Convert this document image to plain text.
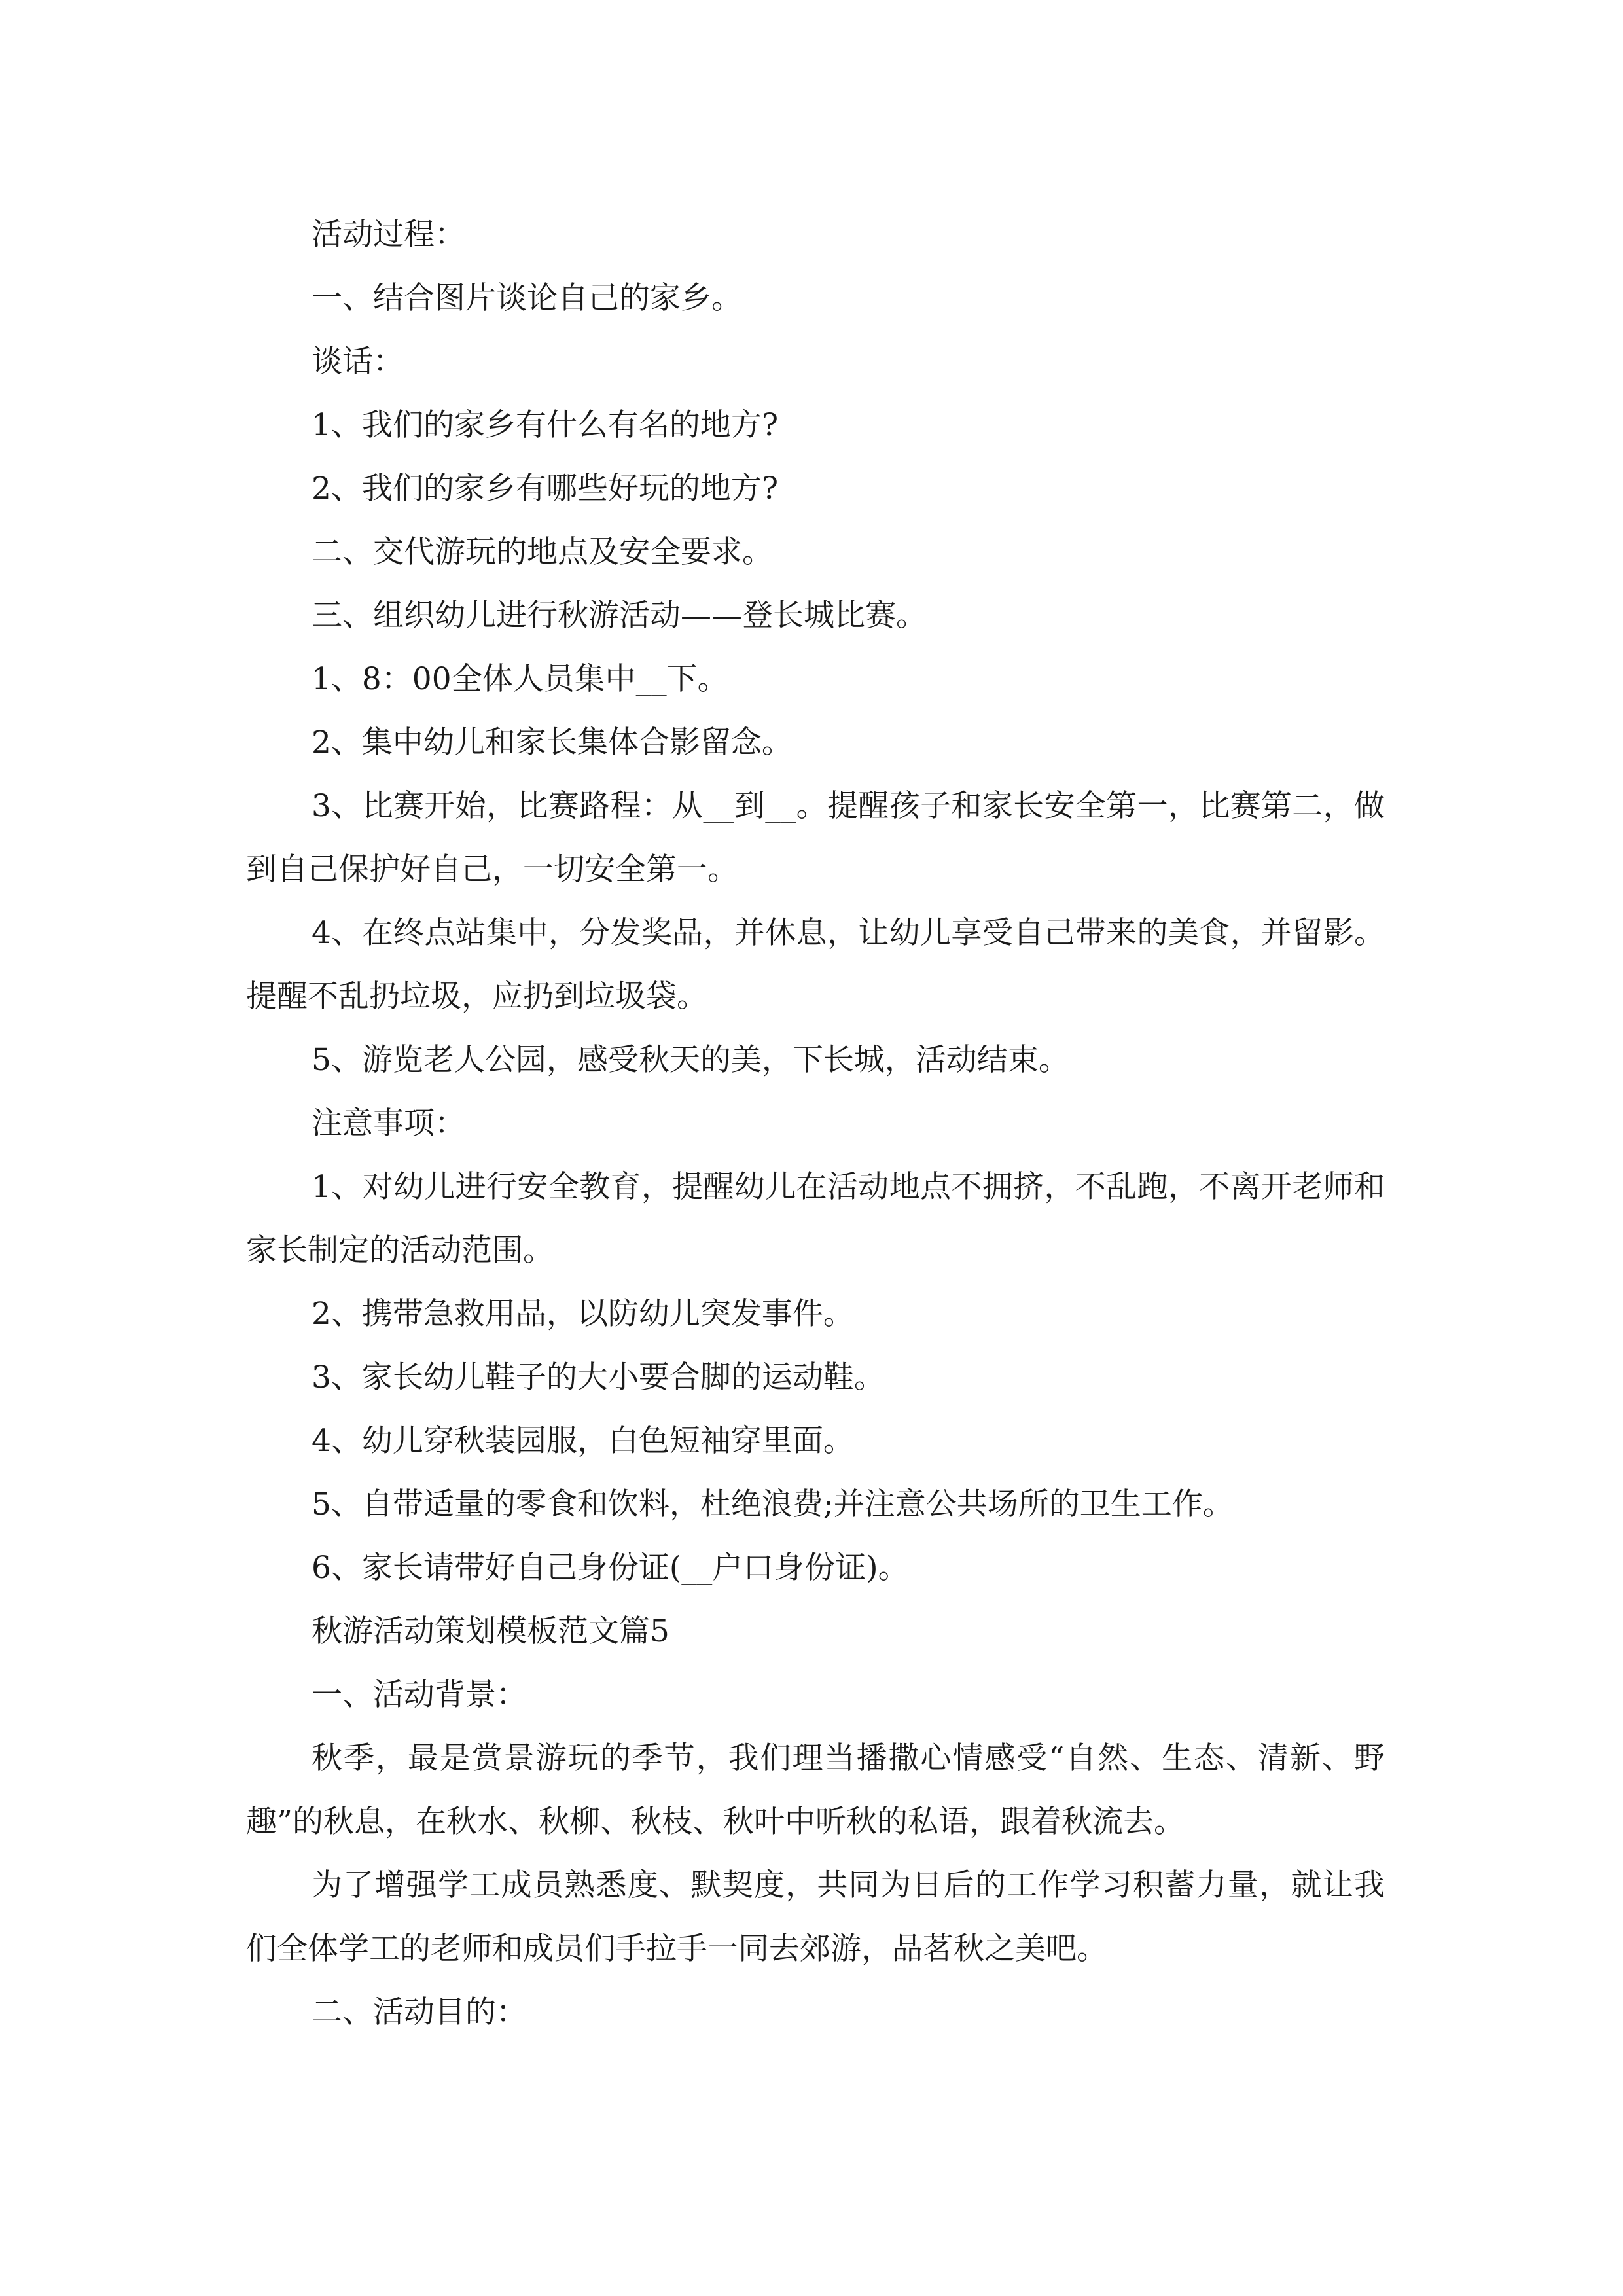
活动过程：

一、结合图片谈论自己的家乡。

谈话：

1、我们的家乡有什么有名的地方?

2、我们的家乡有哪些好玩的地方?

二、交代游玩的地点及安全要求。

三、组织幼儿进行秋游活动——登长城比赛。

1、8：00全体人员集中__下。

2、集中幼儿和家长集体合影留念。

3、比赛开始，比赛路程：从__到__。提醒孩子和家长安全第一，比赛第二，做到自己保护好自己，一切安全第一。

4、在终点站集中，分发奖品，并休息，让幼儿享受自己带来的美食，并留影。提醒不乱扔垃圾，应扔到垃圾袋。

5、游览老人公园，感受秋天的美，下长城，活动结束。

注意事项：

1、对幼儿进行安全教育，提醒幼儿在活动地点不拥挤，不乱跑，不离开老师和家长制定的活动范围。

2、携带急救用品，以防幼儿突发事件。

3、家长幼儿鞋子的大小要合脚的运动鞋。

4、幼儿穿秋装园服，白色短袖穿里面。

5、自带适量的零食和饮料，杜绝浪费;并注意公共场所的卫生工作。

6、家长请带好自己身份证(__户口身份证)。

秋游活动策划模板范文篇5

一、活动背景：

秋季，最是赏景游玩的季节，我们理当播撒心情感受“自然、生态、清新、野趣”的秋息，在秋水、秋柳、秋枝、秋叶中听秋的私语，跟着秋流去。

为了增强学工成员熟悉度、默契度，共同为日后的工作学习积蓄力量，就让我们全体学工的老师和成员们手拉手一同去郊游，品茗秋之美吧。

二、活动目的：
